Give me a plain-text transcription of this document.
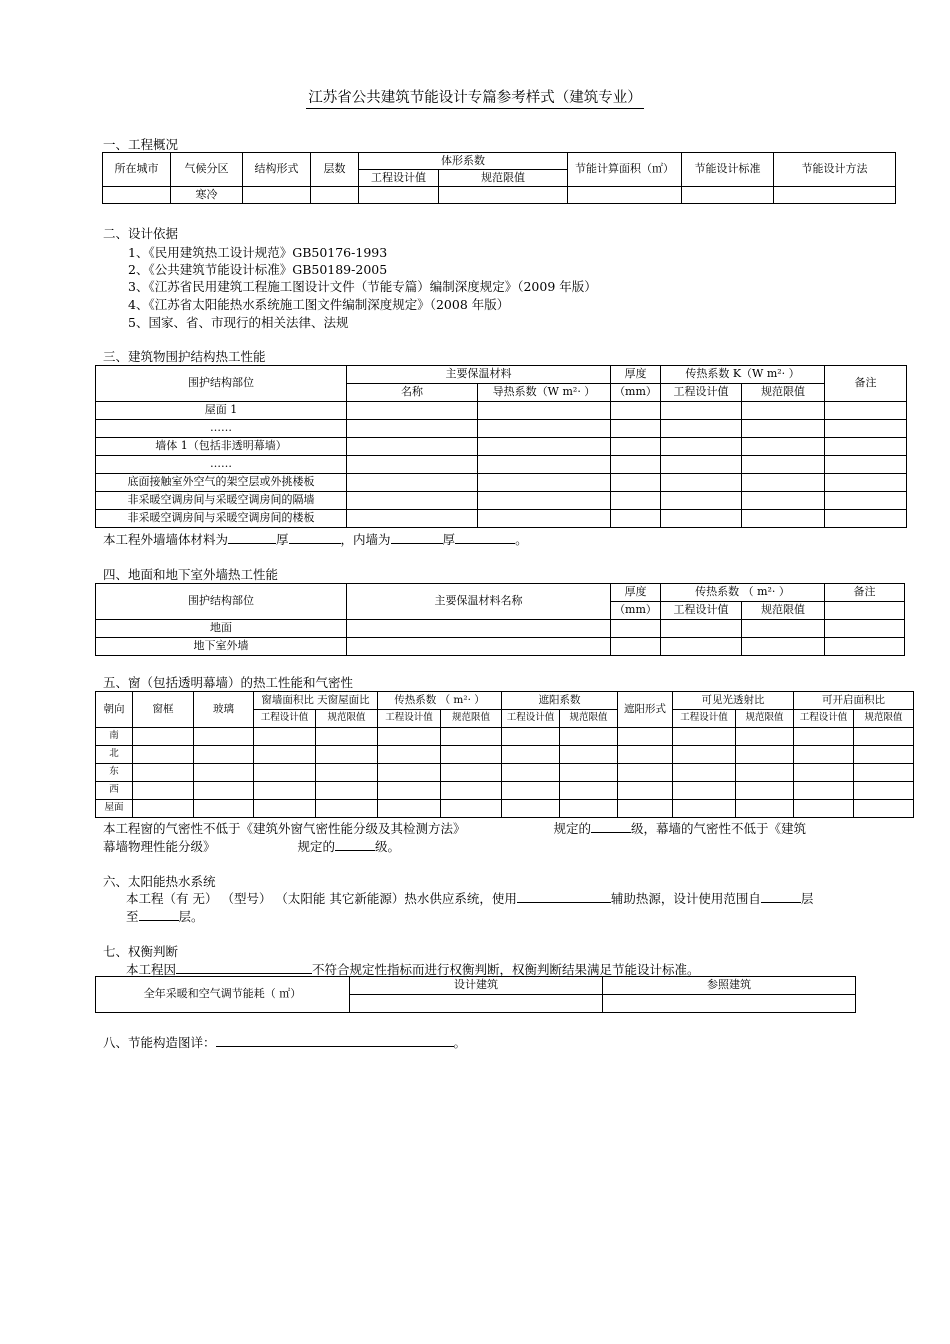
江苏省公共建筑节能设计专篇参考样式（建筑专业）
一、工程概况
所在城市	气候分区	结构形式	层数	体形系数		节能计算面积（㎡）	节能设计标准	节能设计方法
				工程设计值	规范限值			
	寒冷							
二、设计依据
1、《民用建筑热工设计规范》GB50176-1993
2、《公共建筑节能设计标准》GB50189-2005
3、《江苏省民用建筑工程施工图设计文件（节能专篇）编制深度规定》（2009 年版）
4、《江苏省太阳能热水系统施工图文件编制深度规定》（2008 年版）
5、国家、省、市现行的相关法律、法规
三、建筑物围护结构热工性能
围护结构部位	主要保温材料		厚度	传热系数 K（W m²· ）		备注
	名称	导热系数（W m²· ）	（mm）	工程设计值	规范限值	
屋面 1						
……						
墙体 1（包括非透明幕墙）						
……						
底面接触室外空气的架空层或外挑楼板						
非采暖空调房间与采暖空调房间的隔墙						
非采暖空调房间与采暖空调房间的楼板						
本工程外墙墙体材料为	厚	，内墙为	厚	。
四、地面和地下室外墙热工性能
围护结构部位	主要保温材料名称	厚度	传热系数 （ m²· ）		备注
		（mm）	工程设计值	规范限值	
地面					
地下室外墙					
五、窗（包括透明幕墙）的热工性能和气密性
朝向	窗框	玻璃	窗墙面积比 天窗屋面比		传热系数 （ m²· ）		遮阳系数		遮阳形式	可见光透射比		可开启面积比	
			工程设计值	规范限值	工程设计值	规范限值	工程设计值	规范限值		工程设计值	规范限值	工程设计值	规范限值
南													
北													
东													
西													
屋面													
本工程窗的气密性不低于《建筑外窗气密性能分级及其检测方法》	规定的	级，幕墙的气密性不低于《建筑
幕墙物理性能分级》	规定的	级。
六、太阳能热水系统
本工程（有 无） （型号） （太阳能 其它新能源）热水供应系统，使用	辅助热源，设计使用范围自	层
至	层。
七、权衡判断
本工程因	不符合规定性指标而进行权衡判断，权衡判断结果满足节能设计标准。
全年采暖和空气调节能耗（ ㎡）	设计建筑	参照建筑

八、节能构造图详：	。
